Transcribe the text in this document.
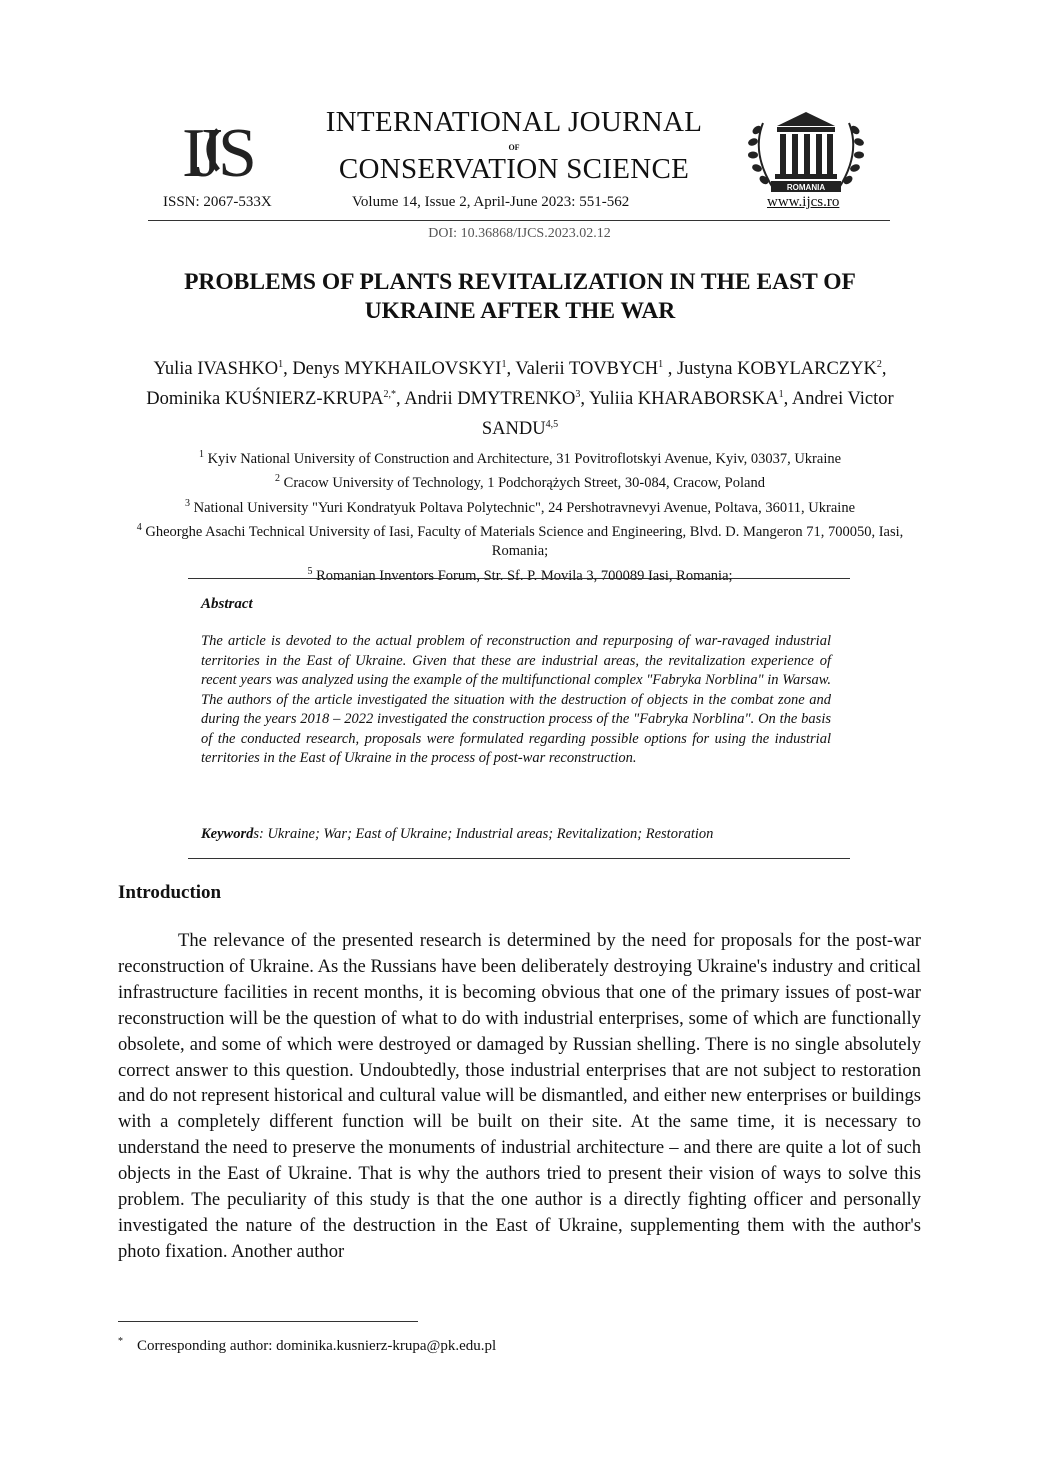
IJ S	INTERNATIONAL JOURNAL
OF
CONSERVATION SCIENCE
ROMANIA
ISSN: 2067-533X	Volume 14, Issue 2, April-June 2023: 551-562	www.ijcs.ro
DOI: 10.36868/IJCS.2023.02.12
PROBLEMS OF PLANTS REVITALIZATION IN THE EAST OF
UKRAINE AFTER THE WAR
Yulia IVASHKO$^1$, Denys MYKHAILOVSKYI$^1$, Valerii TOVBYCH$^1$ , Justyna KOBYLARCZYK$^2$, Dominika KUŚNIERZ-$KRUPA^{2,*}$, Andrii DMYTRENKO$^3$, Yuliia KHARABORSKA$^1$, Andrei Victor SANDU$^{4,5}$
$^1$ Kyiv National University of Construction and Architecture, 31 Povitroflotskyi Avenue, Kyiv, 03037, Ukraine
$^2$ Cracow University of Technology, 1 Podchorążych Street, 30-084, Cracow, Poland
$^3$ National University "Yuri Kondratyuk Poltava Polytechnic", 24 Pershotravnevyi Avenue, Poltava, 36011, Ukraine
$^4$ Gheorghe Asachi Technical University of Iasi, Faculty of Materials Science and Engineering, Blvd. D. Mangeron 71, 700050, Iasi, Romania;
$^5$ Romanian Inventors Forum, Str. Sf. P. Movila 3, 700089 Iasi, Romania;
Abstract
The article is devoted to the actual problem of reconstruction and repurposing of war-ravaged industrial territories in the East of Ukraine. Given that these are industrial areas, the revitalization experience of recent years was analyzed using the example of the multifunctional complex "Fabryka Norblina" in Warsaw. The authors of the article investigated the situation with the destruction of objects in the combat zone and during the years 2018 – 2022 investigated the construction process of the "Fabryka Norblina". On the basis of the conducted research, proposals were formulated regarding possible options for using the industrial territories in the East of Ukraine in the process of post-war reconstruction.
Keywords: Ukraine; War; East of Ukraine; Industrial areas; Revitalization; Restoration
Introduction
The relevance of the presented research is determined by the need for proposals for the post-war reconstruction of Ukraine. As the Russians have been deliberately destroying Ukraine's industry and critical infrastructure facilities in recent months, it is becoming obvious that one of the primary issues of post-war reconstruction will be the question of what to do with industrial enterprises, some of which are functionally obsolete, and some of which were destroyed or damaged by Russian shelling. There is no single absolutely correct answer to this question. Undoubtedly, those industrial enterprises that are not subject to restoration and do not represent historical and cultural value will be dismantled, and either new enterprises or buildings with a completely different function will be built on their site. At the same time, it is necessary to understand the need to preserve the monuments of industrial architecture – and there are quite a lot of such objects in the East of Ukraine. That is why the authors tried to present their vision of ways to solve this problem. The peculiarity of this study is that the one author is a directly fighting officer and personally investigated the nature of the destruction in the East of Ukraine, supplementing them with the author's photo fixation. Another author
* Corresponding author: dominika.kusnierz-krupa@pk.edu.pl
